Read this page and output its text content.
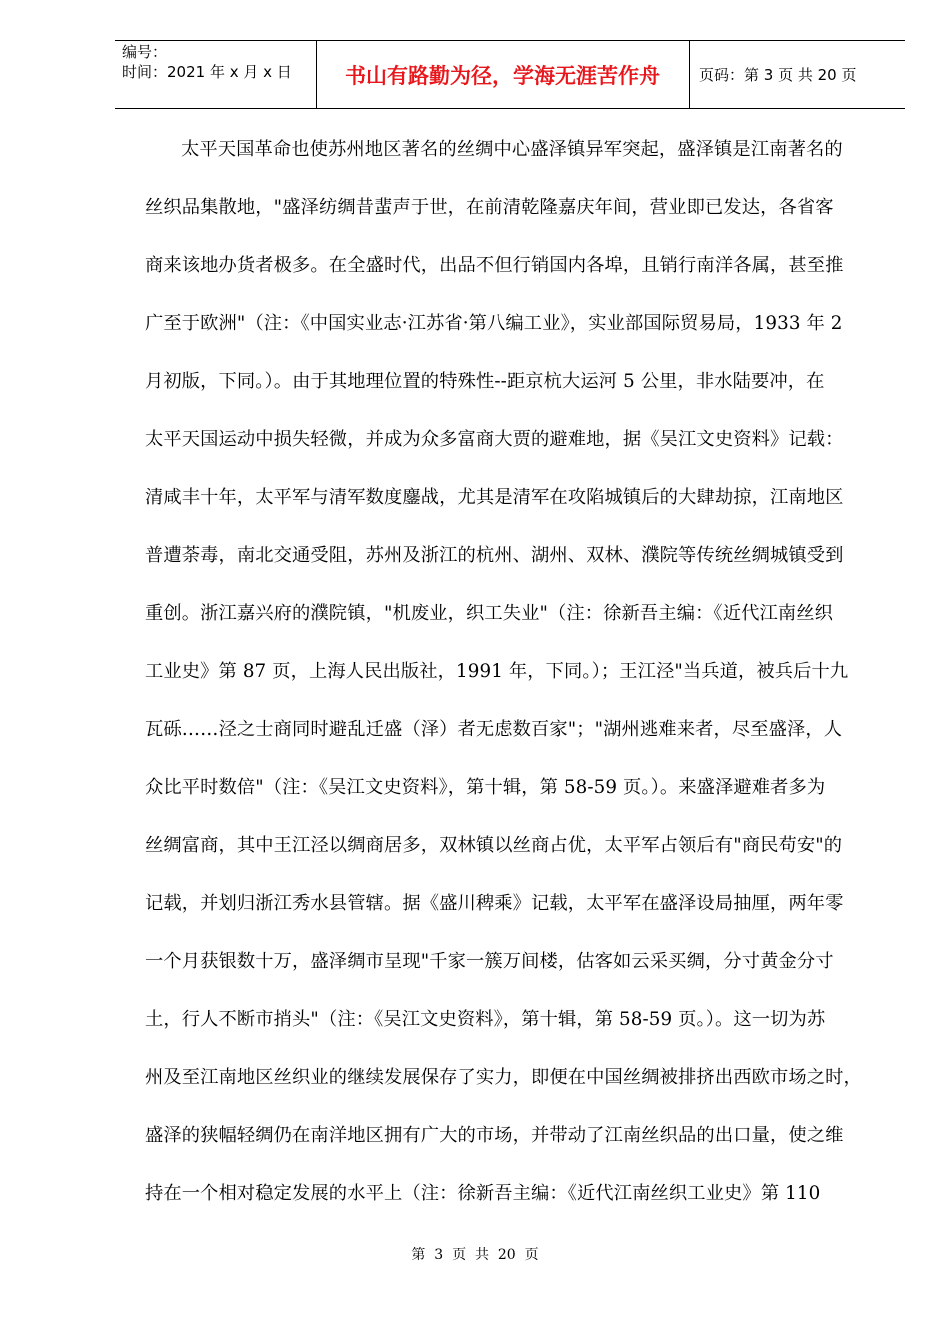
编号：
时间：2021 年 x 月 x 日	书山有路勤为径，学海无涯苦作舟	页码：第 3 页 共 20 页
太平天国革命也使苏州地区著名的丝绸中心盛泽镇异军突起，盛泽镇是江南著名的
丝织品集散地，"盛泽纺绸昔蜚声于世，在前清乾隆嘉庆年间，营业即已发达，各省客
商来该地办货者极多。在全盛时代，出品不但行销国内各埠，且销行南洋各属，甚至推
广至于欧洲"（注：《中国实业志·江苏省·第八编工业》，实业部国际贸易局，1933 年 2
月初版，下同。）。由于其地理位置的特殊性--距京杭大运河 5 公里，非水陆要冲，在
太平天国运动中损失轻微，并成为众多富商大贾的避难地，据《吴江文史资料》记载：
清咸丰十年，太平军与清军数度鏖战，尤其是清军在攻陷城镇后的大肆劫掠，江南地区
普遭荼毒，南北交通受阻，苏州及浙江的杭州、湖州、双林、濮院等传统丝绸城镇受到
重创。浙江嘉兴府的濮院镇，"机废业，织工失业"（注：徐新吾主编：《近代江南丝织
工业史》第 87 页，上海人民出版社，1991 年，下同。）；王江泾"当兵道，被兵后十九
瓦砾……泾之士商同时避乱迁盛（泽）者无虑数百家"；"湖州逃难来者，尽至盛泽，人
众比平时数倍"（注：《吴江文史资料》，第十辑，第 58-59 页。）。来盛泽避难者多为
丝绸富商，其中王江泾以绸商居多，双林镇以丝商占优，太平军占领后有"商民苟安"的
记载，并划归浙江秀水县管辖。据《盛川稗乘》记载，太平军在盛泽设局抽厘，两年零
一个月获银数十万，盛泽绸市呈现"千家一簇万间楼，估客如云采买绸，分寸黄金分寸
土，行人不断市捎头"（注：《吴江文史资料》，第十辑，第 58-59 页。）。这一切为苏
州及至江南地区丝织业的继续发展保存了实力，即便在中国丝绸被排挤出西欧市场之时，
盛泽的狭幅轻绸仍在南洋地区拥有广大的市场，并带动了江南丝织品的出口量，使之维
持在一个相对稳定发展的水平上（注：徐新吾主编：《近代江南丝织工业史》第 110
第  3  页  共  20  页
